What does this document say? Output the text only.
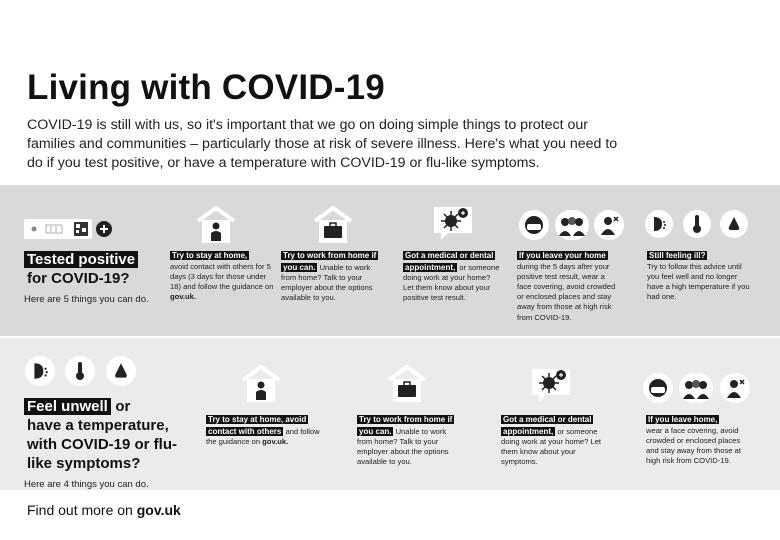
Living with COVID-19
COVID-19 is still with us, so it's important that we go on doing simple things to protect our families and communities – particularly those at risk of severe illness. Here's what you need to do if you test positive, or have a temperature with COVID-19 or flu-like symptoms.
Tested positive
for COVID-19?
Here are 5 things you can do.
Try to stay at home,
avoid contact with others for 5 days (3 days for those under 18) and follow the guidance on gov.uk.
Try to work from home if you can. Unable to work from home? Talk to your employer about the options available to you.
Got a medical or dental appointment, or someone doing work at your home? Let them know about your positive test result.
If you leave your home
during the 5 days after your positive test result, wear a face covering, avoid crowded or enclosed places and stay away from those at high risk from COVID-19.
Still feeling ill?
Try to follow this advice until you feel well and no longer have a high temperature if you had one.
Feel unwell or

have a temperature, with COVID-19 or flu-like symptoms?
Here are 4 things you can do.
Try to stay at home, avoid contact with others and follow the guidance on gov.uk.
Try to work from home if you can. Unable to work from home? Talk to your employer about the options available to you.
Got a medical or dental appointment, or someone doing work at your home? Let them know about your symptoms.
If you leave home,
wear a face covering, avoid crowded or enclosed places and stay away from those at high risk from COVID-19.
Find out more on gov.uk
